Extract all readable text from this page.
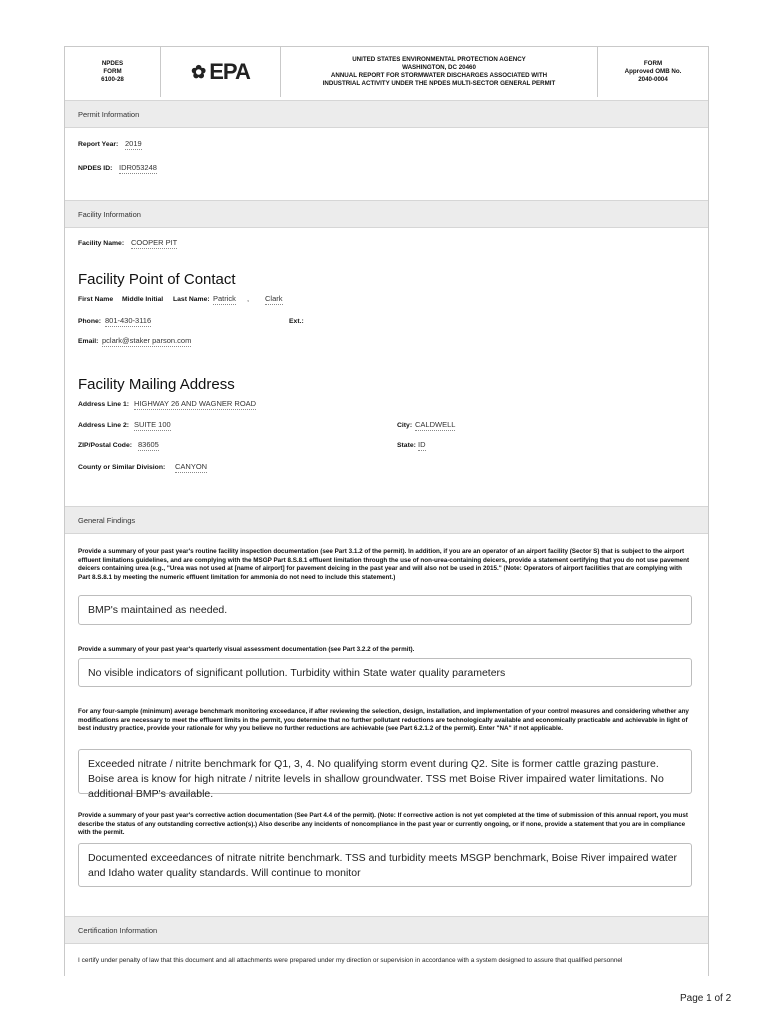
NPDES
FORM
6100-28	✿ EPA	UNITED STATES ENVIRONMENTAL PROTECTION AGENCY
WASHINGTON, DC 20460
ANNUAL REPORT FOR STORMWATER DISCHARGES ASSOCIATED WITH
INDUSTRIAL ACTIVITY UNDER THE NPDES MULTI-SECTOR GENERAL PERMIT
FORM
Approved OMB No.
2040-0004
Permit Information
Report Year: 2019
NPDES ID: IDR053248
Facility Information
Facility Name: COOPER PIT
Facility Point of Contact
First Name Middle Initial Last Name: Patrick , Clark
Phone: 801-430-3116	Ext.:
Email: pclark@staker parson.com
Facility Mailing Address
Address Line 1: HIGHWAY 26 AND WAGNER ROAD
Address Line 2: SUITE 100	City: CALDWELL
ZIP/Postal Code: 83605	State: ID
County or Similar Division: CANYON
General Findings
Provide a summary of your past year's routine facility inspection documentation (see Part 3.1.2 of the permit). In addition, if you are an operator of an airport facility (Sector S) that is subject to the airport effluent limitations guidelines, and are complying with the MSGP Part 8.S.8.1 effluent limitation through the use of non-urea-containing deicers, provide a statement certifying that you do not use pavement deicers containing urea (e.g., "Urea was not used at [name of airport] for pavement deicing in the past year and will also not be used in 2015." (Note: Operators of airport facilities that are complying with Part 8.S.8.1 by meeting the numeric effluent limitation for ammonia do not need to include this statement.)
BMP's maintained as needed.
Provide a summary of your past year's quarterly visual assessment documentation (see Part 3.2.2 of the permit).
No visible indicators of significant pollution. Turbidity within State water quality parameters
For any four-sample (minimum) average benchmark monitoring exceedance, if after reviewing the selection, design, installation, and implementation of your control measures and considering whether any modifications are necessary to meet the effluent limits in the permit, you determine that no further pollutant reductions are technologically available and economically practicable and achievable in light of best industry practice, provide your rationale for why you believe no further reductions are achievable (see Part 6.2.1.2 of the permit). Enter "NA" if not applicable.
Exceeded nitrate / nitrite benchmark for Q1, 3, 4. No qualifying storm event during Q2. Site is former cattle grazing pasture. Boise area is know for high nitrate / nitrite levels in shallow groundwater. TSS met Boise River impaired water limitations. No additional BMP's available.
Provide a summary of your past year's corrective action documentation (See Part 4.4 of the permit). (Note: If corrective action is not yet completed at the time of submission of this annual report, you must describe the status of any outstanding corrective action(s).) Also describe any incidents of noncompliance in the past year or currently ongoing, or if none, provide a statement that you are in compliance with the permit.
Documented exceedances of nitrate nitrite benchmark. TSS and turbidity meets MSGP benchmark, Boise River impaired water and Idaho water quality standards. Will continue to monitor
Certification Information
I certify under penalty of law that this document and all attachments were prepared under my direction or supervision in accordance with a system designed to assure that qualified personnel
Page 1 of 2
